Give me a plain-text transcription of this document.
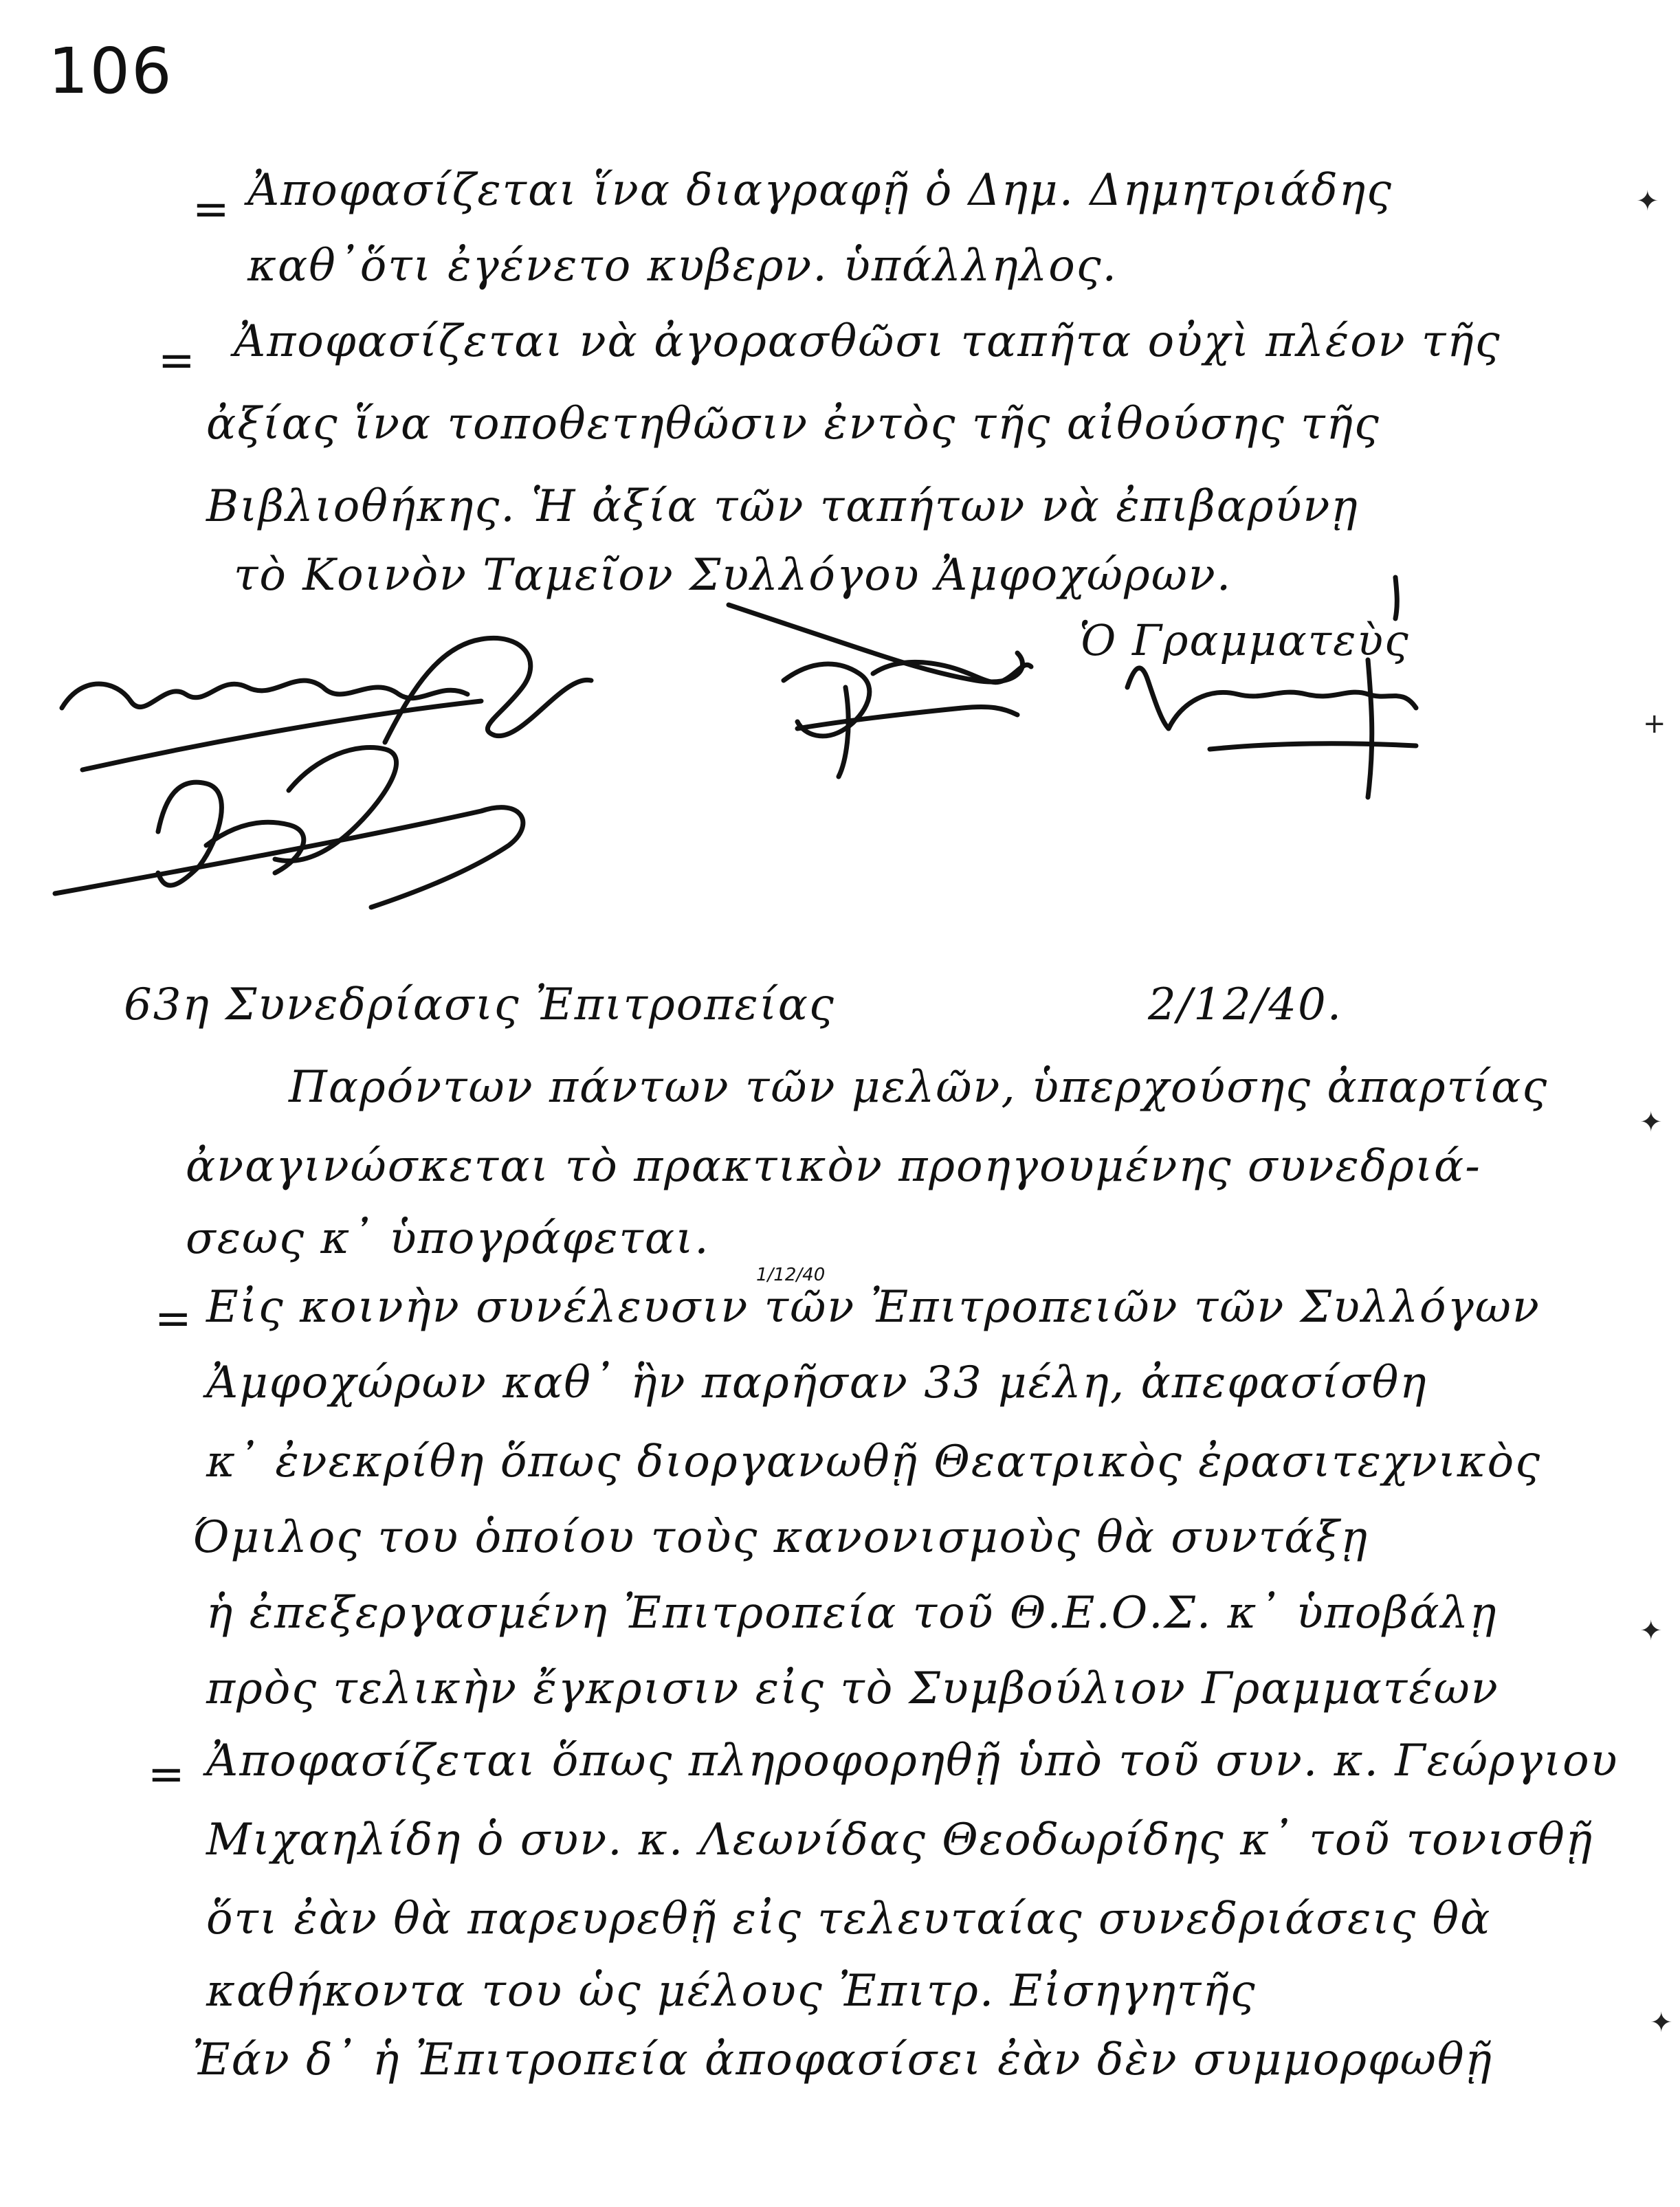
106
= Ἀποφασίζεται ἵνα διαγραφῇ ὁ Δημ. Δημητριάδης
καθ᾽ὅτι ἐγένετο κυβερν. ὑπάλληλος.
= Ἀποφασίζεται νὰ ἀγορασθῶσι ταπῆτα οὐχὶ πλέον τῆς
ἀξίας ἵνα τοποθετηθῶσιν ἐντὸς τῆς αἰθούσης τῆς
Βιβλιοθήκης. Ἡ ἀξία τῶν ταπήτων νὰ ἐπιβαρύνῃ
τὸ Κοινὸν Ταμεῖον Συλλόγου Ἀμφοχώρων.
Ὁ Γραμματεὺς
63η Συνεδρίασις Ἐπιτροπείας	2/12/40.
Παρόντων πάντων τῶν μελῶν, ὑπερχούσης ἀπαρτίας
ἀναγινώσκεται τὸ πρακτικὸν προηγουμένης συνεδριά-
σεως κ᾽ ὑπογράφεται.
=
1/12/40
Εἰς κοινὴν συνέλευσιν τῶν Ἐπιτροπειῶν τῶν Συλλόγων
Ἀμφοχώρων καθ᾽ ἣν παρῆσαν 33 μέλη, ἀπεφασίσθη
κ᾽ ἐνεκρίθη ὅπως διοργανωθῇ Θεατρικὸς ἐρασιτεχνικὸς
Όμιλος του ὁποίου τοὺς κανονισμοὺς θὰ συντάξῃ
ἡ ἐπεξεργασμένη Ἐπιτροπεία τοῦ Θ.Ε.Ο.Σ. κ᾽ ὑποβάλῃ
πρὸς τελικὴν ἔγκρισιν εἰς τὸ Συμβούλιον Γραμματέων
= Ἀποφασίζεται ὅπως πληροφορηθῇ ὑπὸ τοῦ συν. κ. Γεώργιου
Μιχαηλίδη ὁ συν. κ. Λεωνίδας Θεοδωρίδης κ᾽ τοῦ τονισθῇ
ὅτι ἐὰν θὰ παρευρεθῇ εἰς τελευταίας συνεδριάσεις θὰ
καθήκοντα του ὡς μέλους Ἐπιτρ. Εἰσηγητῆς
Ἐάν δ᾽ ἡ Ἐπιτροπεία ἀποφασίσει ἐὰν δὲν συμμορφωθῇ
✦
+
✦
✦
✦
